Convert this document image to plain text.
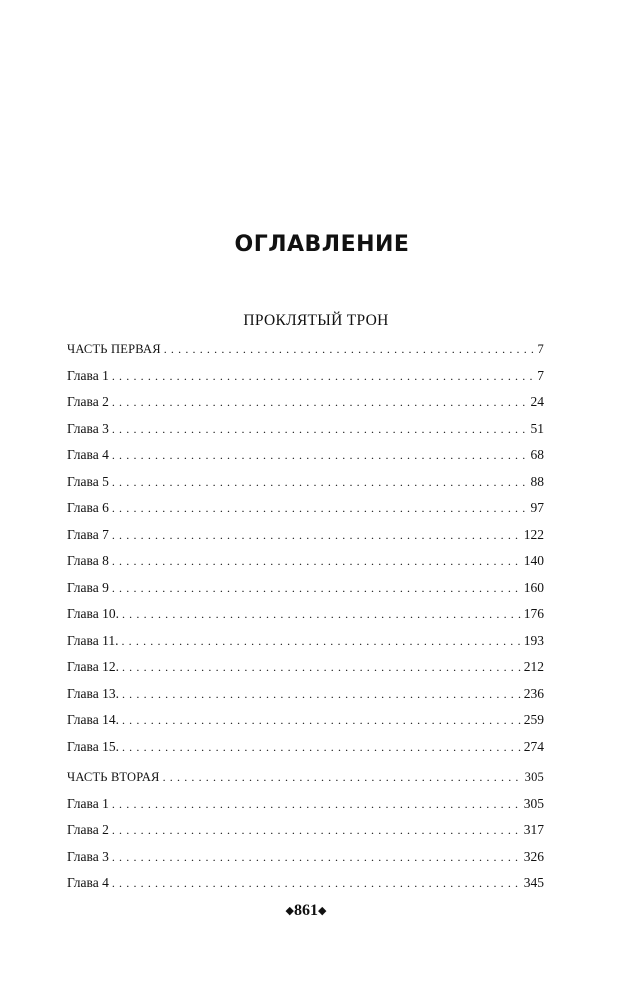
ОГЛАВЛЕНИЕ
ПРОКЛЯТЫЙ ТРОН
ЧАСТЬ ПЕРВАЯ . . .	7
Глава 1 . . .	7
Глава 2 . . .	24
Глава 3 . . .	51
Глава 4 . . .	68
Глава 5 . . .	88
Глава 6 . . .	97
Глава 7 . . .	122
Глава 8 . . .	140
Глава 9 . . .	160
Глава 10. . . .	176
Глава 11. . . .	193
Глава 12. . . .	212
Глава 13. . . .	236
Глава 14. . . .	259
Глава 15. . . .	274
ЧАСТЬ ВТОРАЯ . . .	305
Глава 1 . . .	305
Глава 2 . . .	317
Глава 3 . . .	326
Глава 4 . . .	345
◆861◆
